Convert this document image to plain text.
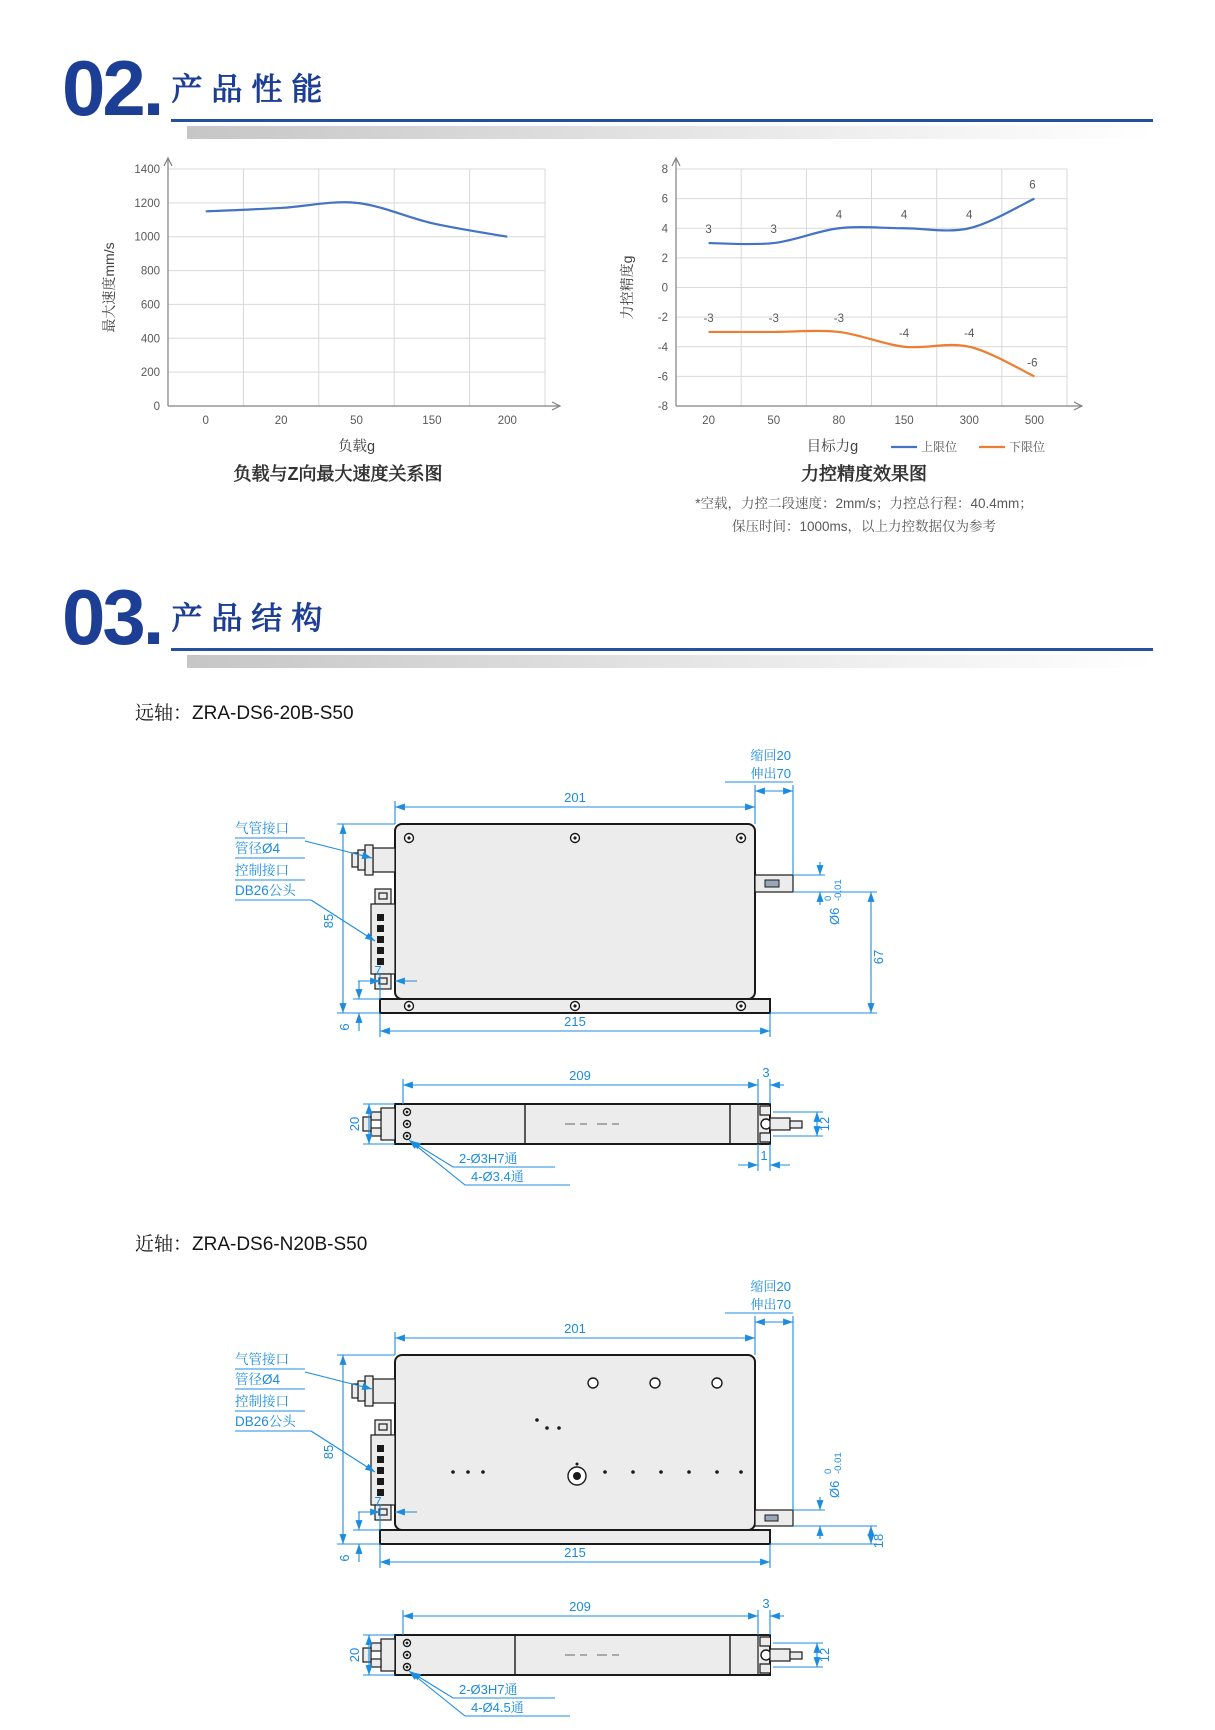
02. 产品性能
0
200
400
600
800
1000
1200
1400
0	20	50	150	200
最大速度mm/s
负载g
负载与Z向最大速度关系图
-8
-6
-4
-2
0
2
4
6
8
20	50	80	150	300	500
力控精度g
目标力g
3	3
4	4	4
6
-3	-3	-3
-4	-4
-6
上限位	下限位
力控精度效果图
*空载，力控二段速度：2mm/s；力控总行程：40.4mm；
保压时间：1000ms，以上力控数据仅为参考
03. 产品结构
远轴：ZRA-DS6-20B-S50
201
缩回20
伸出70
85
7
6	215
67
Ø6
0 -0.01
气管接口
管径Ø4
控制接口
DB26公头
20
209	3
12
1
2-Ø3H7通
4-Ø3.4通
近轴：ZRA-DS6-N20B-S50
201
缩回20
伸出70
85
7
6	215
18
Ø6
0 -0.01
气管接口
管径Ø4
控制接口
DB26公头
20
209	3
12
2-Ø3H7通
4-Ø4.5通
